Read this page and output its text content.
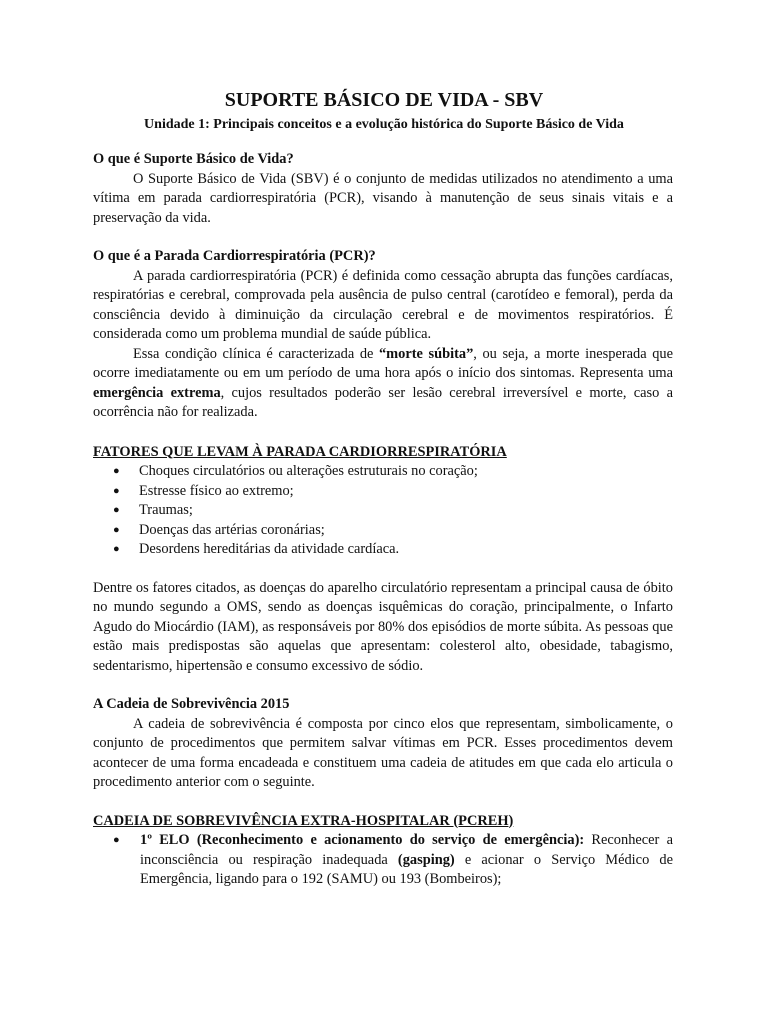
SUPORTE BÁSICO DE VIDA - SBV
Unidade 1: Principais conceitos e a evolução histórica do Suporte Básico de Vida
O que é Suporte Básico de Vida?

O Suporte Básico de Vida (SBV) é o conjunto de medidas utilizados no atendimento a uma vítima em parada cardiorrespiratória (PCR), visando à manutenção de seus sinais vitais e a preservação da vida.

O que é a Parada Cardiorrespiratória (PCR)?

A parada cardiorrespiratória (PCR) é definida como cessação abrupta das funções cardíacas, respiratórias e cerebral, comprovada pela ausência de pulso central (carotídeo e femoral), perda da consciência devido à diminuição da circulação cerebral e de movimentos respiratórios. É considerada como um problema mundial de saúde pública.

Essa condição clínica é caracterizada de “morte súbita”, ou seja, a morte inesperada que ocorre imediatamente ou em um período de uma hora após o início dos sintomas. Representa uma emergência extrema, cujos resultados poderão ser lesão cerebral irreversível e morte, caso a ocorrência não for realizada.

FATORES QUE LEVAM À PARADA CARDIORRESPIRATÓRIA
● Choques circulatórios ou alterações estruturais no coração;
● Estresse físico ao extremo;
● Traumas;
● Doenças das artérias coronárias;
● Desordens hereditárias da atividade cardíaca.

Dentre os fatores citados, as doenças do aparelho circulatório representam a principal causa de óbito no mundo segundo a OMS, sendo as doenças isquêmicas do coração, principalmente, o Infarto Agudo do Miocárdio (IAM), as responsáveis por 80% dos episódios de morte súbita. As pessoas que estão mais predispostas são aquelas que apresentam: colesterol alto, obesidade, tabagismo, sedentarismo, hipertensão e consumo excessivo de sódio.

A Cadeia de Sobrevivência 2015

A cadeia de sobrevivência é composta por cinco elos que representam, simbolicamente, o conjunto de procedimentos que permitem salvar vítimas em PCR. Esses procedimentos devem acontecer de uma forma encadeada e constituem uma cadeia de atitudes em que cada elo articula o procedimento anterior com o seguinte.

CADEIA DE SOBREVIVÊNCIA EXTRA-HOSPITALAR (PCREH)
● 1º ELO (Reconhecimento e acionamento do serviço de emergência): Reconhecer a inconsciência ou respiração inadequada (gasping) e acionar o Serviço Médico de Emergência, ligando para o 192 (SAMU) ou 193 (Bombeiros);
